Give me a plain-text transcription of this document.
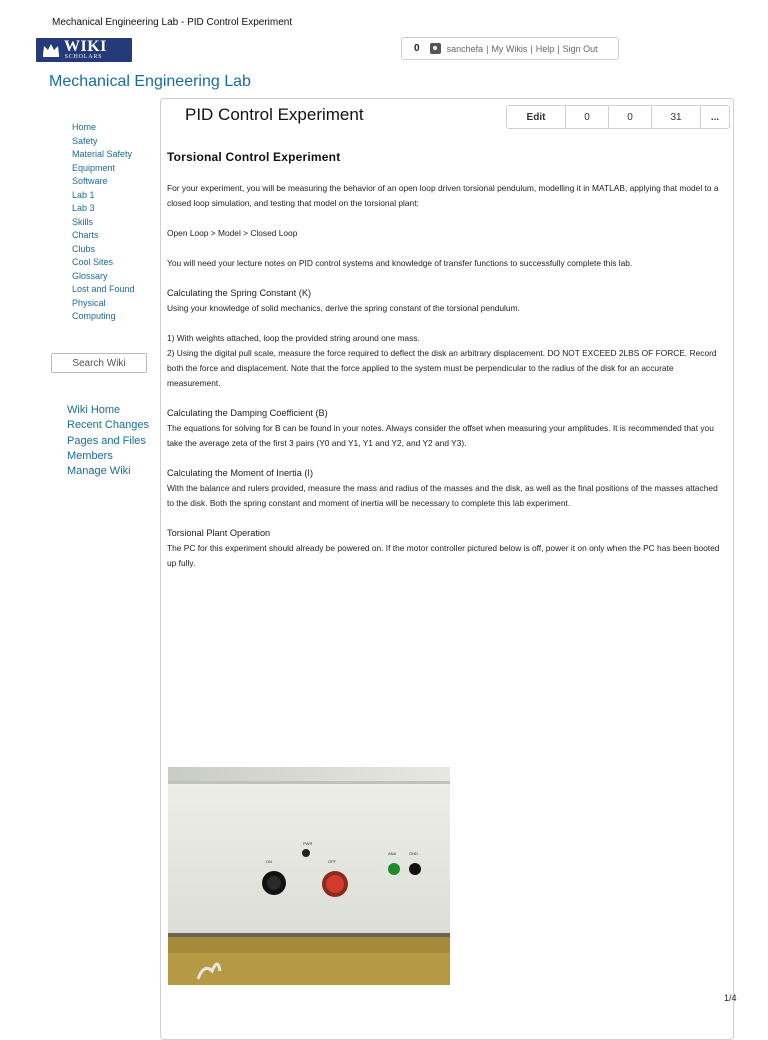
Mechanical Engineering Lab - PID Control Experiment
WIKI
SCHOLARS
0 ☻ sanchefa | My Wikis | Help | Sign Out
Mechanical Engineering Lab
Home
Safety
Material Safety
Equipment
Software
Lab 1
Lab 3
Skills
Charts
Clubs
Cool Sites
Glossary
Lost and Found
Physical
Computing
Search Wiki
Wiki Home
Recent Changes
Pages and Files
Members
Manage Wiki
PID Control Experiment	Edit	0	0	31	...
Torsional Control Experiment

For your experiment, you will be measuring the behavior of an open loop driven torsional pendulum, modelling it in MATLAB, applying that model to a closed loop simulation, and testing that model on the torsional plant:

Open Loop > Model > Closed Loop

You will need your lecture notes on PID control systems and knowledge of transfer functions to successfully complete this lab.

Calculating the Spring Constant (K)
Using your knowledge of solid mechanics, derive the spring constant of the torsional pendulum.

1) With weights attached, loop the provided string around one mass.
2) Using the digital pull scale, measure the force required to deflect the disk an arbitrary displacement. DO NOT EXCEED 2LBS OF FORCE. Record both the force and displacement. Note that the force applied to the system must be perpendicular to the radius of the disk for an accurate measurement.

Calculating the Damping Coefficient (B)
The equations for solving for B can be found in your notes. Always consider the offset when measuring your amplitudes. It is recommended that you take the average zeta of the first 3 pairs (Y0 and Y1, Y1 and Y2, and Y2 and Y3).

Calculating the Moment of Inertia (I)
With the balance and rulers provided, measure the mass and radius of the masses and the disk, as well as the final positions of the masses attached to the disk. Both the spring constant and moment of inertia will be necessary to complete this lab experiment.

Torsional Plant Operation
The PC for this experiment should already be powered on. If the motor controller pictured below is off, power it on only when the PC has been booted up fully.

PWR
ON	OFF
ANA	GND
1/4
